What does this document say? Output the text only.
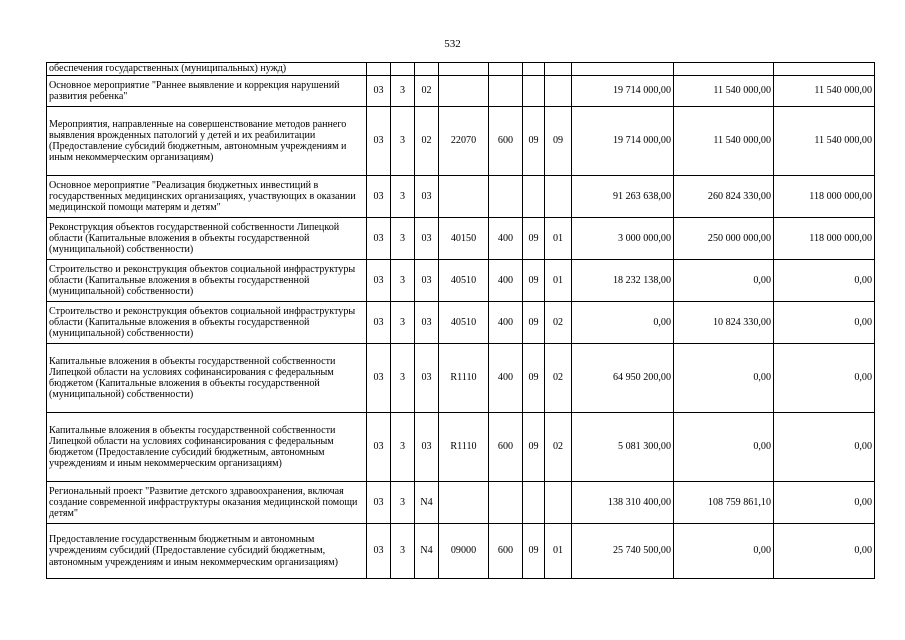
532
обеспечения государственных (муниципальных) нужд)										
Основное мероприятие "Раннее выявление и коррекция нарушений развития ребенка"	03	3	02					19 714 000,00	11 540 000,00	11 540 000,00
Мероприятия, направленные на совершенствование методов раннего выявления врожденных патологий у детей и их реабилитации (Предоставление субсидий бюджетным, автономным учреждениям и иным некоммерческим организациям)	03	3	02	22070	600	09	09	19 714 000,00	11 540 000,00	11 540 000,00
Основное мероприятие "Реализация бюджетных инвестиций в государственных медицинских организациях, участвующих в оказании медицинской помощи матерям и детям"	03	3	03					91 263 638,00	260 824 330,00	118 000 000,00
Реконструкция объектов государственной собственности Липецкой области (Капитальные вложения в объекты государственной (муниципальной) собственности)	03	3	03	40150	400	09	01	3 000 000,00	250 000 000,00	118 000 000,00
Строительство и реконструкция объектов социальной инфраструктуры области (Капитальные вложения в объекты государственной (муниципальной) собственности)	03	3	03	40510	400	09	01	18 232 138,00	0,00	0,00
Строительство и реконструкция объектов социальной инфраструктуры области (Капитальные вложения в объекты государственной (муниципальной) собственности)	03	3	03	40510	400	09	02	0,00	10 824 330,00	0,00
Капитальные вложения в объекты государственной собственности Липецкой области на условиях софинансирования с федеральным бюджетом (Капитальные вложения в объекты государственной (муниципальной) собственности)	03	3	03	R1110	400	09	02	64 950 200,00	0,00	0,00
Капитальные вложения в объекты государственной собственности Липецкой области на условиях софинансирования с федеральным бюджетом (Предоставление субсидий бюджетным, автономным учреждениям и иным некоммерческим организациям)	03	3	03	R1110	600	09	02	5 081 300,00	0,00	0,00
Региональный проект "Развитие детского здравоохранения, включая создание современной инфраструктуры оказания медицинской помощи детям"	03	3	N4					138 310 400,00	108 759 861,10	0,00
Предоставление государственным бюджетным и автономным учреждениям субсидий (Предоставление субсидий бюджетным, автономным учреждениям и иным некоммерческим организациям)	03	3	N4	09000	600	09	01	25 740 500,00	0,00	0,00
